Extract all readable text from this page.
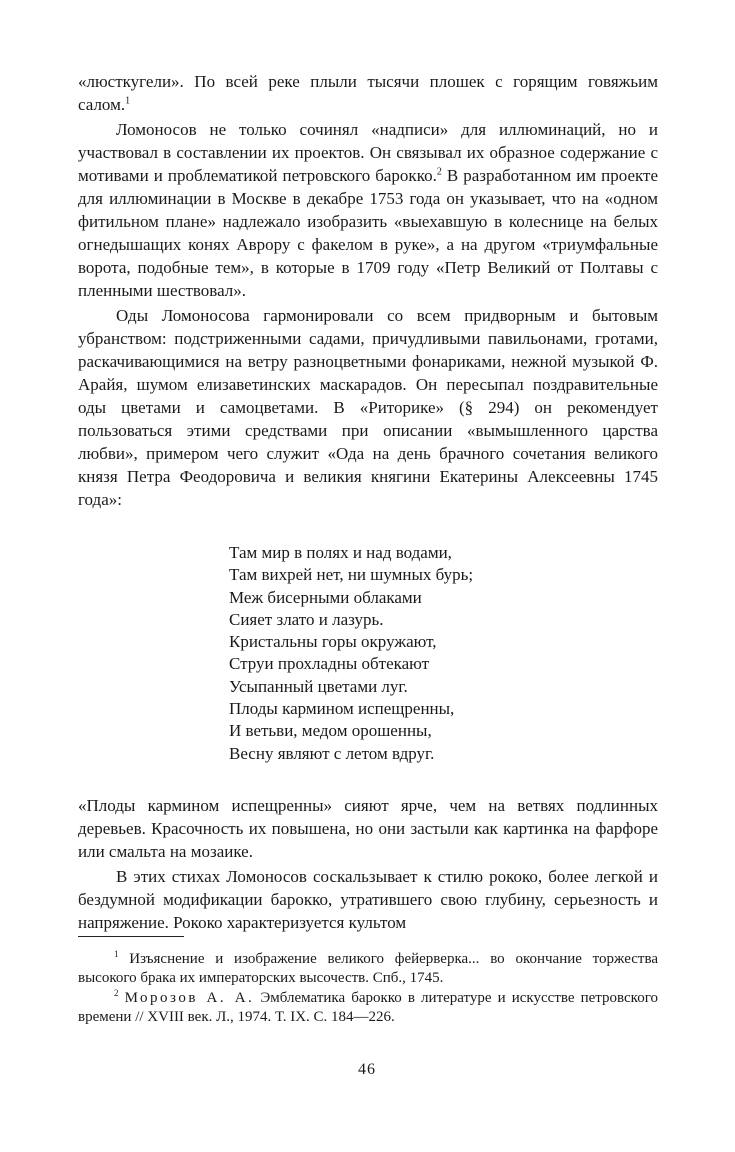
«люсткугели». По всей реке плыли тысячи плошек с горящим говяжьим салом.$^1$

Ломоносов не только сочинял «надписи» для иллюминаций, но и участвовал в составлении их проектов. Он связывал их образное содержание с мотивами и проблематикой петровского барокко.$^2$ В разработанном им проекте для иллюминации в Москве в декабре 1753 года он указывает, что на «одном фитильном плане» надлежало изобразить «выехавшую в колеснице на белых огнедышащих конях Аврору с факелом в руке», а на другом «триумфальные ворота, подобные тем», в которые в 1709 году «Петр Великий от Полтавы с пленными шествовал».

Оды Ломоносова гармонировали со всем придворным и бытовым убранством: подстриженными садами, причудливыми павильонами, гротами, раскачивающимися на ветру разноцветными фонариками, нежной музыкой Ф. Арайя, шумом елизаветинских маскарадов. Он пересыпал поздравительные оды цветами и самоцветами. В «Риторике» (§ 294) он рекомендует пользоваться этими средствами при описании «вымышленного царства любви», примером чего служит «Ода на день брачного сочетания великого князя Петра Феодоровича и великия княгини Екатерины Алексеевны 1745 года»:

Там мир в полях и над водами,
Там вихрей нет, ни шумных бурь;
Меж бисерными облаками
Сияет злато и лазурь.
Кристальны горы окружают,
Струи прохладны обтекают
Усыпанный цветами луг.
Плоды кармином испещренны,
И ветьви, медом орошенны,
Весну являют с летом вдруг.

«Плоды кармином испещренны» сияют ярче, чем на ветвях подлинных деревьев. Красочность их повышена, но они застыли как картинка на фарфоре или смальта на мозаике.

В этих стихах Ломоносов соскальзывает к стилю рококо, более легкой и бездумной модификации барокко, утратившего свою глубину, серьезность и напряжение. Рококо характеризуется культом

$^1$ Изъяснение и изображение великого фейерверка... во окончание торжества высокого брака их императорских высочеств. Спб., 1745.

$^2$ Морозов А. А. Эмблематика барокко в литературе и искусстве петровского времени // XVIII век. Л., 1974. Т. IX. С. 184—226.

46
